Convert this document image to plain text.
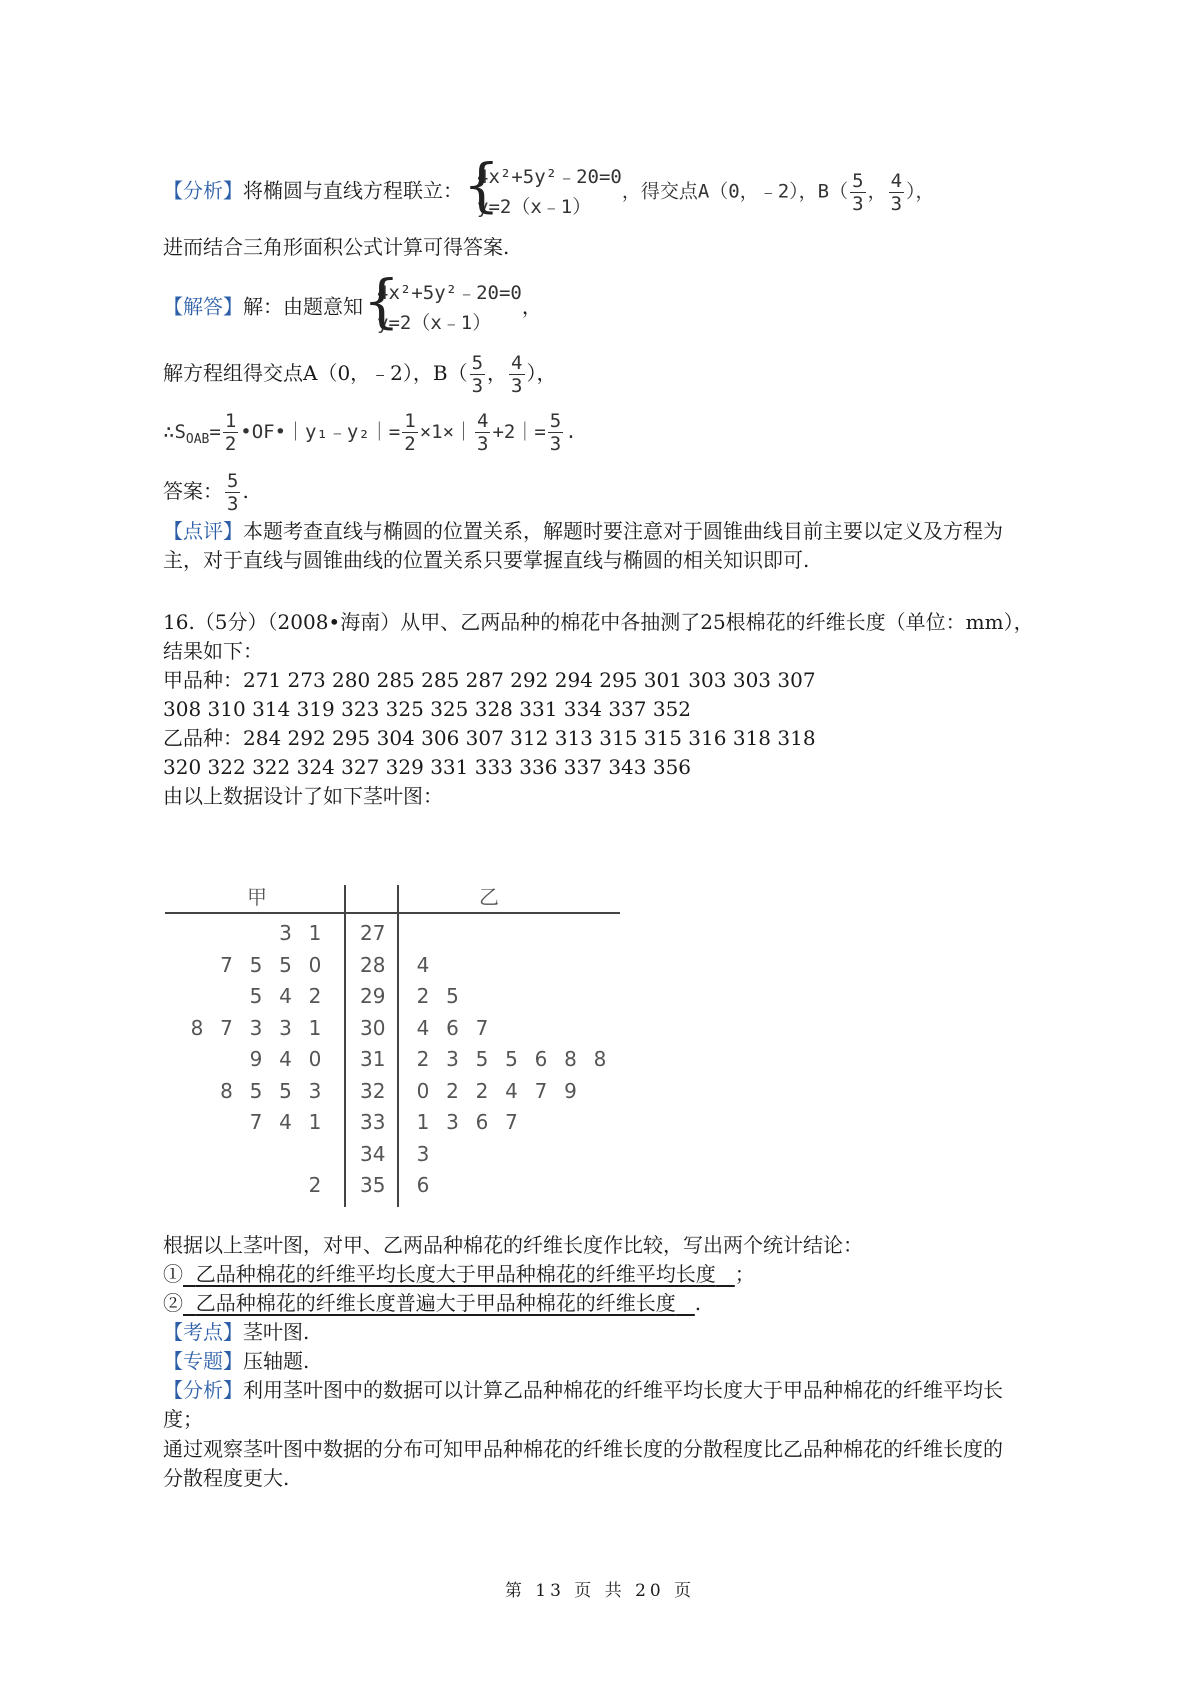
【分析】将椭圆与直线方程联立： {
4x²+5y²﹣20=0
y=2（x﹣1）
，得交点A（0，﹣2），$B( \frac{5}{3}$ ， $\frac{4}{3}$ ），
进而结合三角形面积公式计算可得答案.
【解答】解：由题意知 {
4x²+5y²﹣20=0
y=2（x﹣1）
，
解方程组得交点A（0，﹣2），$B( \frac{5}{3}$ ， $\frac{4}{3}$ ），
$\therefore S_{OAB}= \frac{1}{2}$ •OF•｜y₁﹣y₂｜= $\frac{1}{2}$ ×1×｜ $\frac{4}{3}$ +2｜= $\frac{5}{3}$ .
答案： $\frac{5}{3}$ .
【点评】本题考查直线与椭圆的位置关系，解题时要注意对于圆锥曲线目前主要以定义及方程为
主，对于直线与圆锥曲线的位置关系只要掌握直线与椭圆的相关知识即可.
16.（5分）（2008•海南）从甲、乙两品种的棉花中各抽测了25根棉花的纤维长度（单位：mm），
结果如下：
甲品种：271 273 280 285 285 287 292 294 295 301 303 303 307
308 310 314 319 323 325 325 328 331 334 337 352
乙品种：284 292 295 304 306 307 312 313 315 315 316 318 318
320 322 322 324 327 329 331 333 336 337 343 356
由以上数据设计了如下茎叶图：
甲	乙
3 1 27
7 5 5 0 28 4
5 4 2 29 2 5
8 7 3 3 1 30 4 6 7
9 4 0 31 2 3 5 5 6 8 8
8 5 5 3 32 0 2 2 4 7 9
7 4 1 33 1 3 6 7
34 3
2 35 6
根据以上茎叶图，对甲、乙两品种棉花的纤维长度作比较，写出两个统计结论：
① 乙品种棉花的纤维平均长度大于甲品种棉花的纤维平均长度 ；
② 乙品种棉花的纤维长度普遍大于甲品种棉花的纤维长度 .
【考点】茎叶图.
【专题】压轴题.
【分析】利用茎叶图中的数据可以计算乙品种棉花的纤维平均长度大于甲品种棉花的纤维平均长
度；
通过观察茎叶图中数据的分布可知甲品种棉花的纤维长度的分散程度比乙品种棉花的纤维长度的
分散程度更大.
第 13 页 共 20 页
